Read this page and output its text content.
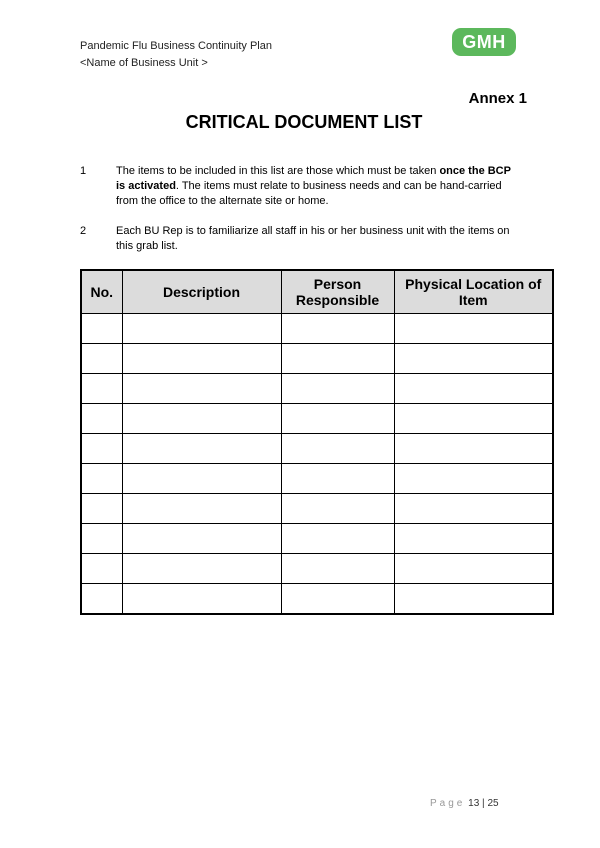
Pandemic Flu Business Continuity Plan
<Name of Business Unit >
GMH
Annex 1
CRITICAL DOCUMENT LIST
1	The items to be included in this list are those which must be taken once the BCP is activated. The items must relate to business needs and can be hand-carried from the office to the alternate site or home.
2	Each BU Rep is to familiarize all staff in his or her business unit with the items on this grab list.
No.	Description	Person Responsible	Physical Location of Item

Page 13 | 25
